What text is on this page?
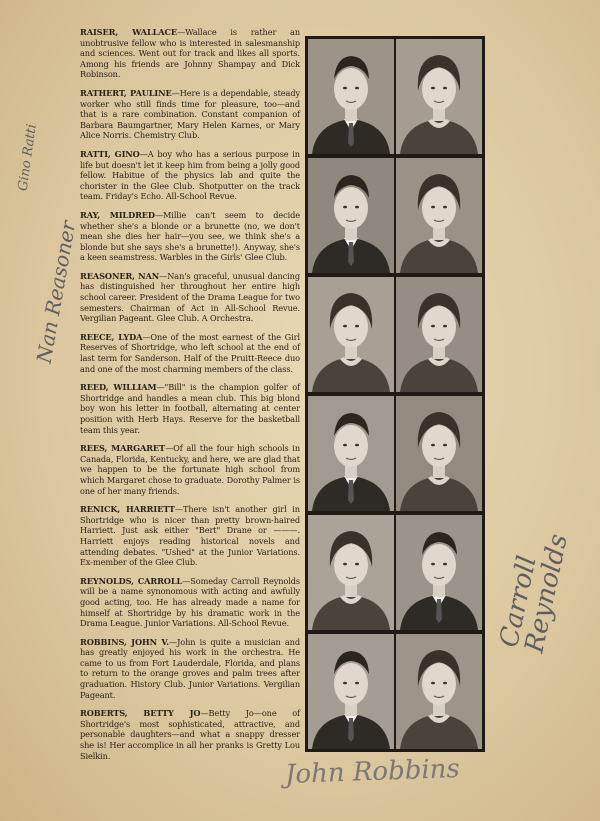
RAISER, WALLACE—Wallace is rather an unobtrusive fellow who is interested in salesmanship and sciences. Went out for track and likes all sports. Among his friends are Johnny Shampay and Dick Robinson.

RATHERT, PAULINE—Here is a dependable, steady worker who still finds time for pleasure, too—and that is a rare combination. Constant companion of Barbara Baumgartner, Mary Helen Karnes, or Mary Alice Norris. Chemistry Club.

RATTI, GINO—A boy who has a serious purpose in life but doesn't let it keep him from being a jolly good fellow. Habitue of the physics lab and quite the chorister in the Glee Club. Shotputter on the track team. Friday's Echo. All-School Revue.

RAY, MILDRED—Millie can't seem to decide whether she's a blonde or a brunette (no, we don't mean she dies her hair—you see, we think she's a blonde but she says she's a brunette!). Anyway, she's a keen seamstress. Warbles in the Girls' Glee Club.

REASONER, NAN—Nan's graceful, unusual dancing has distinguished her throughout her entire high school career. President of the Drama League for two semesters. Chairman of Act in All-School Revue. Vergilian Pageant. Glee Club. A Orchestra.

REECE, LYDA—One of the most earnest of the Girl Reserves of Shortridge, who left school at the end of last term for Sanderson. Half of the Pruitt-Reece duo and one of the most charming members of the class.

REED, WILLIAM—"Bill" is the champion golfer of Shortridge and handles a mean club. This big blond boy won his letter in football, alternating at center position with Herb Hays. Reserve for the basketball team this year.

REES, MARGARET—Of all the four high schools in Canada, Florida, Kentucky, and here, we are glad that we happen to be the fortunate high school from which Margaret chose to graduate. Dorothy Palmer is one of her many friends.

RENICK, HARRIETT—There isn't another girl in Shortridge who is nicer than pretty brown-haired Harriett. Just ask either "Bert" Drane or ———. Harriett enjoys reading historical novels and attending debates. "Ushed" at the Junior Variations. Ex-member of the Glee Club.

REYNOLDS, CARROLL—Someday Carroll Reynolds will be a name synonomous with acting and awfully good acting, too. He has already made a name for himself at Shortridge by his dramatic work in the Drama League. Junior Variations. All-School Revue.

ROBBINS, JOHN V.—John is quite a musician and has greatly enjoyed his work in the orchestra. He came to us from Fort Lauderdale, Florida, and plans to return to the orange groves and palm trees after graduation. History Club. Junior Variations. Vergilian Pageant.

ROBERTS, BETTY JO—Betty Jo—one of Shortridge's most sophisticated, attractive, and personable daughters—and what a snappy dresser she is! Her accomplice in all her pranks is Gretty Lou Sielkin.

Gino Ratti
Nan Reasoner
Carroll Reynolds
John Robbins
